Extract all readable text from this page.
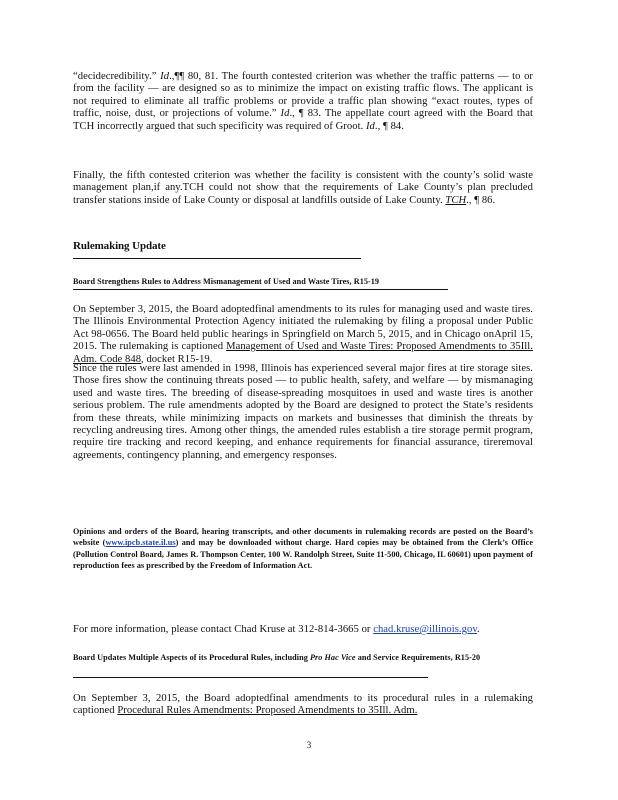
“decidecredibility.” Id.,¶¶ 80, 81. The fourth contested criterion was whether the traffic patterns — to or from the facility — are designed so as to minimize the impact on existing traffic flows. The applicant is not required to eliminate all traffic problems or provide a traffic plan showing “exact routes, types of traffic, noise, dust, or projections of volume.” Id., ¶ 83. The appellate court agreed with the Board that TCH incorrectly argued that such specificity was required of Groot. Id., ¶ 84.

Finally, the fifth contested criterion was whether the facility is consistent with the county’s solid waste management plan,if any.TCH could not show that the requirements of Lake County’s plan precluded transfer stations inside of Lake County or disposal at landfills outside of Lake County. TCH., ¶ 86.

Rulemaking Update

Board Strengthens Rules to Address Mismanagement of Used and Waste Tires, R15-19

On September 3, 2015, the Board adoptedfinal amendments to its rules for managing used and waste tires. The Illinois Environmental Protection Agency initiated the rulemaking by filing a proposal under Public Act 98-0656. The Board held public hearings in Springfield on March 5, 2015, and in Chicago onApril 15, 2015. The rulemaking is captioned Management of Used and Waste Tires: Proposed Amendments to 35Ill. Adm. Code 848, docket R15-19.

Since the rules were last amended in 1998, Illinois has experienced several major fires at tire storage sites. Those fires show the continuing threats posed — to public health, safety, and welfare — by mismanaging used and waste tires. The breeding of disease-spreading mosquitoes in used and waste tires is another serious problem. The rule amendments adopted by the Board are designed to protect the State’s residents from these threats, while minimizing impacts on markets and businesses that diminish the threats by recycling andreusing tires. Among other things, the amended rules establish a tire storage permit program, require tire tracking and record keeping, and enhance requirements for financial assurance, tireremoval agreements, contingency planning, and emergency responses.

Opinions and orders of the Board, hearing transcripts, and other documents in rulemaking records are posted on the Board’s website (www.ipcb.state.il.us) and may be downloaded without charge. Hard copies may be obtained from the Clerk’s Office (Pollution Control Board, James R. Thompson Center, 100 W. Randolph Street, Suite 11-500, Chicago, IL 60601) upon payment of reproduction fees as prescribed by the Freedom of Information Act.

For more information, please contact Chad Kruse at 312-814-3665 or chad.kruse@illinois.gov.

Board Updates Multiple Aspects of its Procedural Rules, including Pro Hac Vice and Service Requirements, R15-20

On September 3, 2015, the Board adoptedfinal amendments to its procedural rules in a rulemaking captioned Procedural Rules Amendments: Proposed Amendments to 35Ill. Adm.

3
